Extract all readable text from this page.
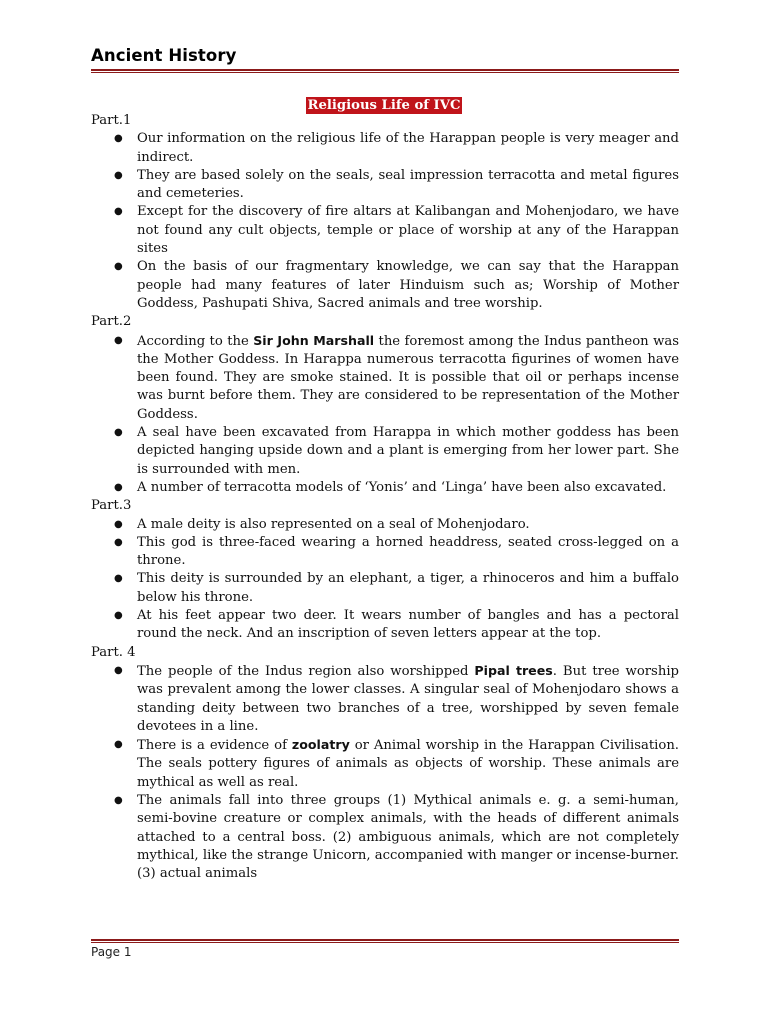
Ancient History
Religious Life of IVC
Part.1
● Our information on the religious life of the Harappan people is very meager and indirect.
● They are based solely on the seals, seal impression terracotta and metal figures and cemeteries.
● Except for the discovery of fire altars at Kalibangan and Mohenjodaro, we have not found any cult objects, temple or place of worship at any of the Harappan sites
● On the basis of our fragmentary knowledge, we can say that the Harappan people had many features of later Hinduism such as; Worship of Mother Goddess, Pashupati Shiva, Sacred animals and tree worship.
Part.2
● According to the Sir John Marshall the foremost among the Indus pantheon was the Mother Goddess. In Harappa numerous terracotta figurines of women have been found. They are smoke stained. It is possible that oil or perhaps incense was burnt before them. They are considered to be representation of the Mother Goddess.
● A seal have been excavated from Harappa in which mother goddess has been depicted hanging upside down and a plant is emerging from her lower part. She is surrounded with men.
● A number of terracotta models of ‘Yonis’ and ‘Linga’ have been also excavated.
Part.3
● A male deity is also represented on a seal of Mohenjodaro.
● This god is three-faced wearing a horned headdress, seated cross-legged on a throne.
● This deity is surrounded by an elephant, a tiger, a rhinoceros and him a buffalo below his throne.
● At his feet appear two deer. It wears number of bangles and has a pectoral round the neck. And an inscription of seven letters appear at the top.
Part. 4
● The people of the Indus region also worshipped Pipal trees. But tree worship was prevalent among the lower classes. A singular seal of Mohenjodaro shows a standing deity between two branches of a tree, worshipped by seven female devotees in a line.
● There is a evidence of zoolatry or Animal worship in the Harappan Civilisation. The seals pottery figures of animals as objects of worship. These animals are mythical as well as real.
● The animals fall into three groups (1) Mythical animals e. g. a semi-human, semi-bovine creature or complex animals, with the heads of different animals attached to a central boss. (2) ambiguous animals, which are not completely mythical, like the strange Unicorn, accompanied with manger or incense-burner. (3) actual animals
Page 1
